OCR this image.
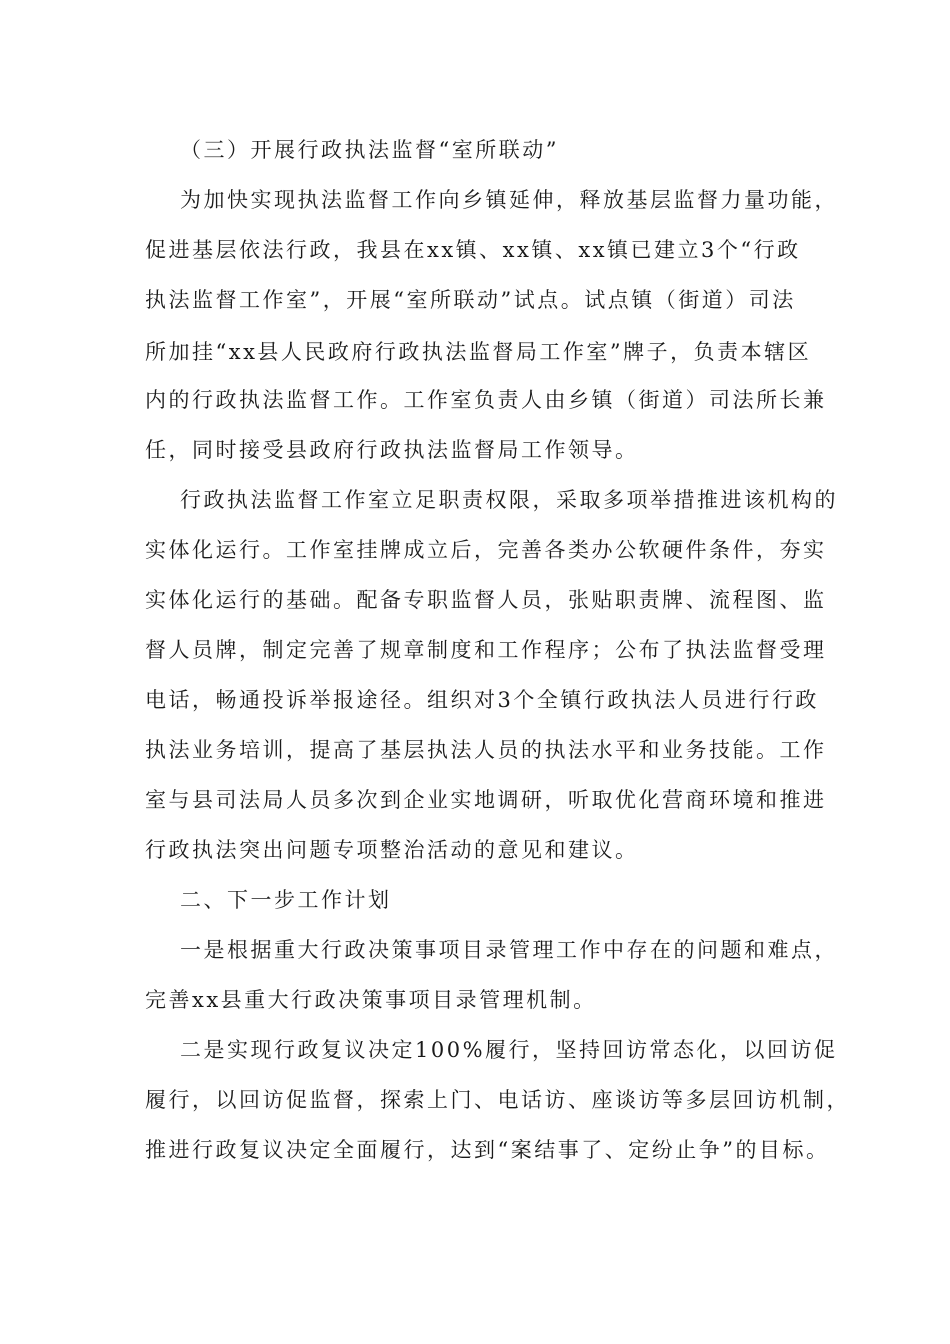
（三）开展行政执法监督“室所联动”
为加快实现执法监督工作向乡镇延伸，释放基层监督力量功能，
促进基层依法行政，我县在xx镇、xx镇、xx镇已建立3个“行政
执法监督工作室”，开展“室所联动”试点。试点镇（街道）司法
所加挂“xx县人民政府行政执法监督局工作室”牌子，负责本辖区
内的行政执法监督工作。工作室负责人由乡镇（街道）司法所长兼
任，同时接受县政府行政执法监督局工作领导。
行政执法监督工作室立足职责权限，采取多项举措推进该机构的
实体化运行。工作室挂牌成立后，完善各类办公软硬件条件，夯实
实体化运行的基础。配备专职监督人员，张贴职责牌、流程图、监
督人员牌，制定完善了规章制度和工作程序；公布了执法监督受理
电话，畅通投诉举报途径。组织对3个全镇行政执法人员进行行政
执法业务培训，提高了基层执法人员的执法水平和业务技能。工作
室与县司法局人员多次到企业实地调研，听取优化营商环境和推进
行政执法突出问题专项整治活动的意见和建议。
二、下一步工作计划
一是根据重大行政决策事项目录管理工作中存在的问题和难点，
完善xx县重大行政决策事项目录管理机制。
二是实现行政复议决定100%履行，坚持回访常态化，以回访促
履行，以回访促监督，探索上门、电话访、座谈访等多层回访机制，
推进行政复议决定全面履行，达到“案结事了、定纷止争”的目标。
